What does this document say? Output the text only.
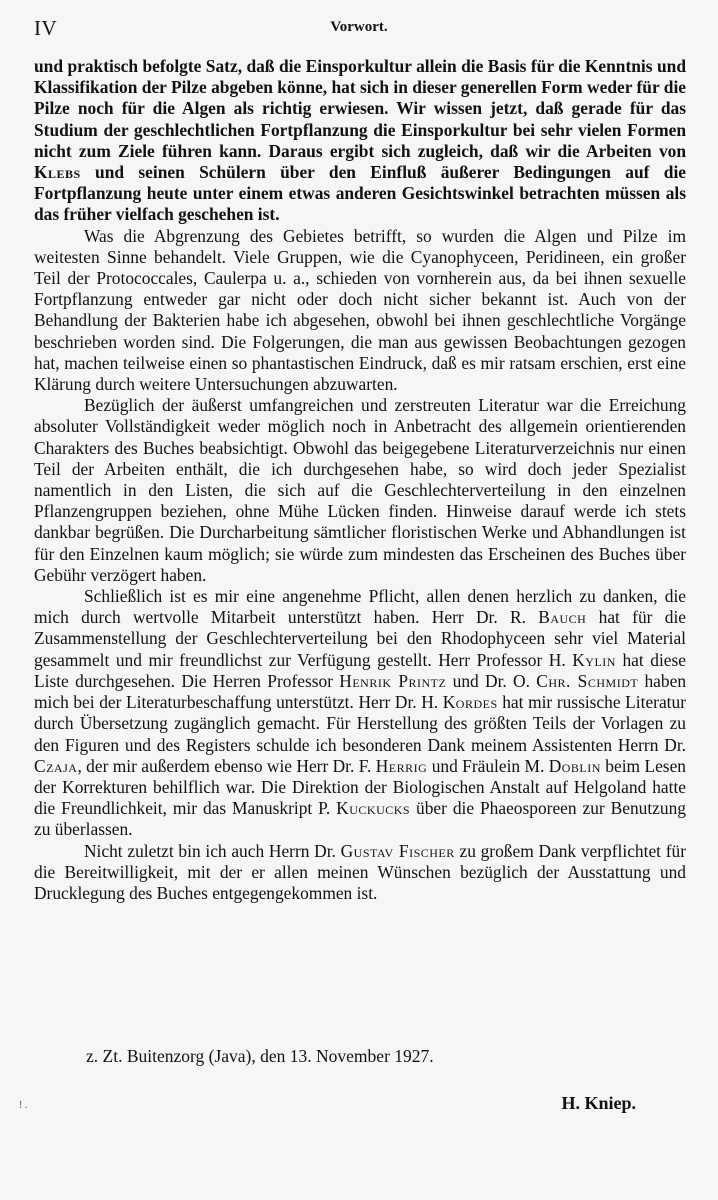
IV	Vorwort.

und praktisch befolgte Satz, daß die Einsporkultur allein die Basis für die Kenntnis und Klassifikation der Pilze abgeben könne, hat sich in dieser generellen Form weder für die Pilze noch für die Algen als richtig erwiesen. Wir wissen jetzt, daß gerade für das Studium der geschlechtlichen Fortpflanzung die Einsporkultur bei sehr vielen Formen nicht zum Ziele führen kann. Daraus ergibt sich zugleich, daß wir die Arbeiten von Klebs und seinen Schülern über den Einfluß äußerer Bedingungen auf die Fortpflanzung heute unter einem etwas anderen Gesichtswinkel betrachten müssen als das früher vielfach geschehen ist.

Was die Abgrenzung des Gebietes betrifft, so wurden die Algen und Pilze im weitesten Sinne behandelt. Viele Gruppen, wie die Cyanophyceen, Peridineen, ein großer Teil der Protococcales, Caulerpa u. a., schieden von vornherein aus, da bei ihnen sexuelle Fortpflanzung entweder gar nicht oder doch nicht sicher bekannt ist. Auch von der Behandlung der Bakterien habe ich abgesehen, obwohl bei ihnen geschlechtliche Vorgänge beschrieben worden sind. Die Folgerungen, die man aus gewissen Beobachtungen gezogen hat, machen teilweise einen so phantastischen Eindruck, daß es mir ratsam erschien, erst eine Klärung durch weitere Untersuchungen abzuwarten.

Bezüglich der äußerst umfangreichen und zerstreuten Literatur war die Erreichung absoluter Vollständigkeit weder möglich noch in Anbetracht des allgemein orientierenden Charakters des Buches beabsichtigt. Obwohl das beigegebene Literaturverzeichnis nur einen Teil der Arbeiten enthält, die ich durchgesehen habe, so wird doch jeder Spezialist namentlich in den Listen, die sich auf die Geschlechterverteilung in den einzelnen Pflanzengruppen beziehen, ohne Mühe Lücken finden. Hinweise darauf werde ich stets dankbar begrüßen. Die Durcharbeitung sämtlicher floristischen Werke und Abhandlungen ist für den Einzelnen kaum möglich; sie würde zum mindesten das Erscheinen des Buches über Gebühr verzögert haben.

Schließlich ist es mir eine angenehme Pflicht, allen denen herzlich zu danken, die mich durch wertvolle Mitarbeit unterstützt haben. Herr Dr. R. Bauch hat für die Zusammenstellung der Geschlechterverteilung bei den Rhodophyceen sehr viel Material gesammelt und mir freundlichst zur Verfügung gestellt. Herr Professor H. Kylin hat diese Liste durchgesehen. Die Herren Professor Henrik Printz und Dr. O. Chr. Schmidt haben mich bei der Literaturbeschaffung unterstützt. Herr Dr. H. Kordes hat mir russische Literatur durch Übersetzung zugänglich gemacht. Für Herstellung des größten Teils der Vorlagen zu den Figuren und des Registers schulde ich besonderen Dank meinem Assistenten Herrn Dr. Czaja, der mir außerdem ebenso wie Herr Dr. F. Herrig und Fräulein M. Doblin beim Lesen der Korrekturen behilflich war. Die Direktion der Biologischen Anstalt auf Helgoland hatte die Freundlichkeit, mir das Manuskript P. Kuckucks über die Phaeosporeen zur Benutzung zu überlassen.

Nicht zuletzt bin ich auch Herrn Dr. Gustav Fischer zu großem Dank verpflichtet für die Bereitwilligkeit, mit der er allen meinen Wünschen bezüglich der Ausstattung und Drucklegung des Buches entgegengekommen ist.

z. Zt. Buitenzorg (Java), den 13. November 1927.
H. Kniep.
! .
